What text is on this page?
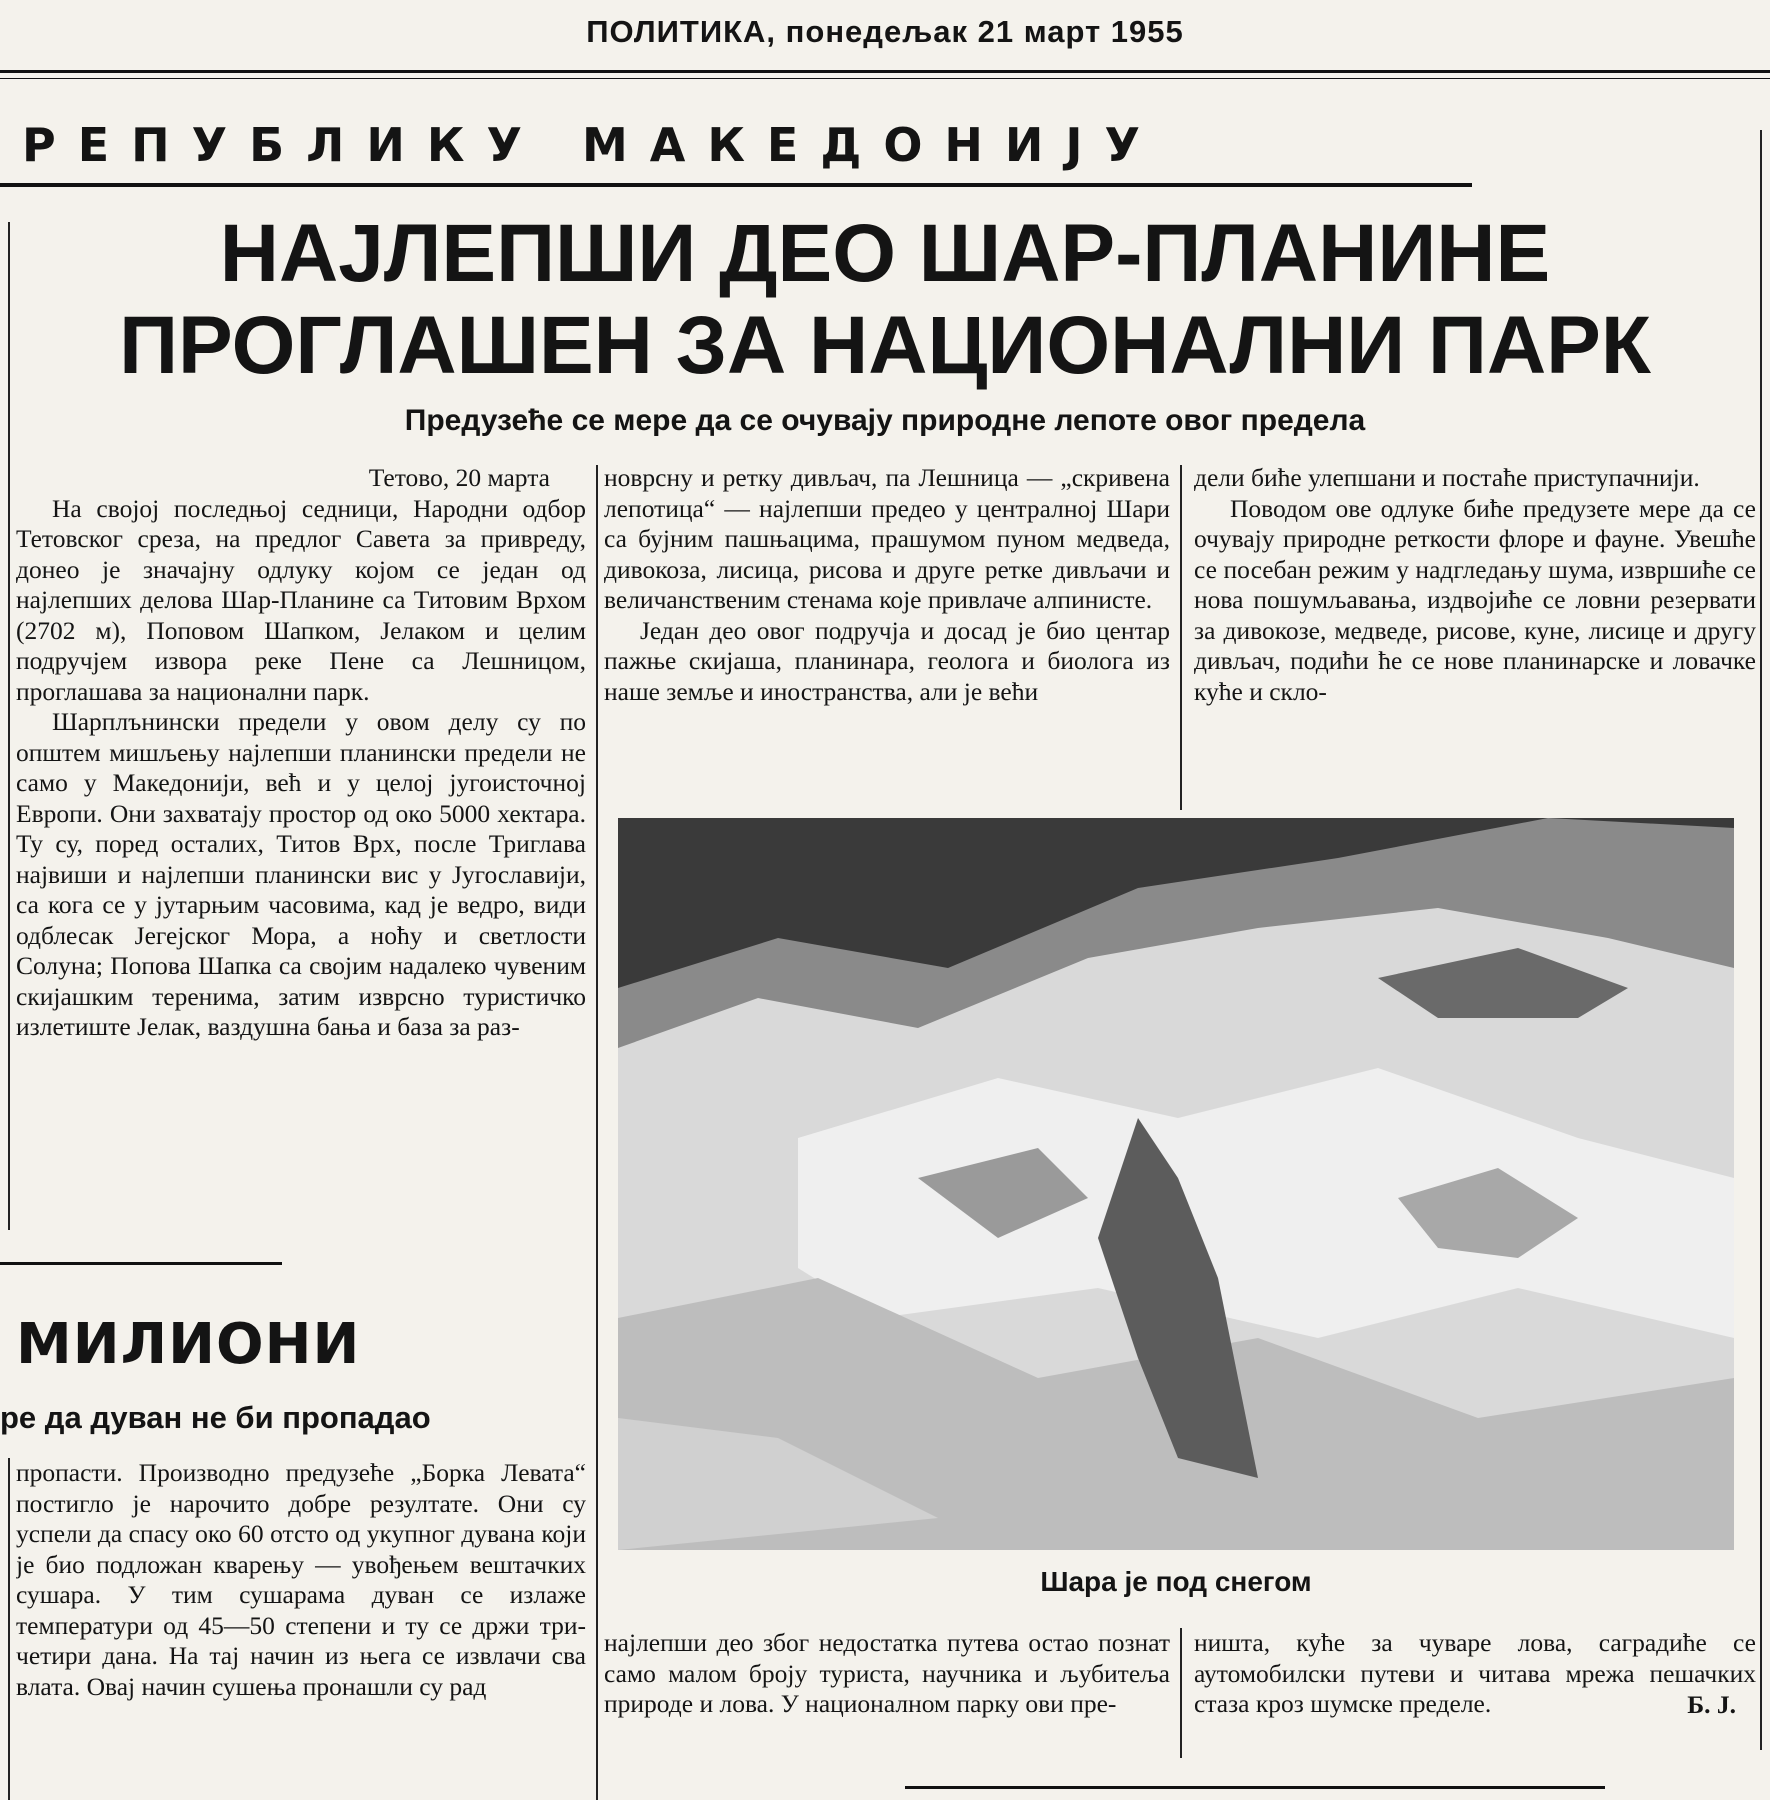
ПОЛИТИКА, понедељак 21 март 1955
РЕПУБЛИКУ МАКЕДОНИЈУ
НАЈЛЕПШИ ДЕО ШАР-ПЛАНИНЕ
ПРОГЛАШЕН ЗА НАЦИОНАЛНИ ПАРК
Предузеће се мере да се очувају природне лепоте овог предела

Тетово, 20 марта

На својој последњој седници, Народни одбор Тетовског среза, на предлог Савета за привреду, донео је значајну одлуку којом се један од најлепших делова Шар-Планине са Титовим Врхом (2702 м), Поповом Шапком, Јелаком и целим подручјем извора реке Пене са Лешницом, проглашава за национални парк.

Шарплънински предели у овом делу су по општем мишљењу најлепши планински предели не само у Македонији, већ и у целој југоисточној Европи. Они захватају простор од око 5000 хектара. Ту су, поред осталих, Титов Врх, после Триглава највиши и најлепши планински вис у Југославији, са кога се у јутарњим часовима, кад је ведро, види одблесак Јегејског Мора, а ноћу и светлости Солуна; Попова Шапка са својим надалеко чувеним скијашким теренима, затим изврсно туристичко излетиште Јелак, ваздушна бања и база за раз-

новрсну и ретку дивљач, па Лешница — „скривена лепотица“ — најлепши предео у централној Шари са бујним пашњацима, прашумом пуном медведа, дивокоза, лисица, рисова и друге ретке дивљачи и величанственим стенама које привлаче алпинисте.

Један део овог подручја и досад је био центар пажње скијаша, планинара, геолога и биолога из наше земље и иностранства, али је већи

дели биће улепшани и постаће приступачнији.

Поводом ове одлуке биће предузете мере да се очувају природне реткости флоре и фауне. Увешће се посебан режим у надгледању шума, извршиће се нова пошумљавања, издвојиће се ловни резервати за дивокозе, медведе, рисове, куне, лисице и другу дивљач, подићи ће се нове планинарске и ловачке куће и скло-

Шара је под снегом

најлепши део због недостатка путева остао познат само малом броју туриста, научника и љубитеља природе и лова. У националном парку ови пре-

ништа, куће за чуваре лова, саградиће се аутомобилски путеви и читава мрежа пешачких стаза кроз шумске пределе.	Б. Ј.
МИЛИОНИ
ре да дуван не би пропадао

пропасти. Производно предузеће „Борка Левата“ постигло је нарочито добре резултате. Они су успели да спасу око 60 отсто од укупног дувана који је био подложан кварењу — увођењем вештачких сушара. У тим сушарама дуван се излаже температури од 45—50 степени и ту се држи три-четири дана. На тај начин из њега се извлачи сва влата. Овај начин сушења пронашли су рад
